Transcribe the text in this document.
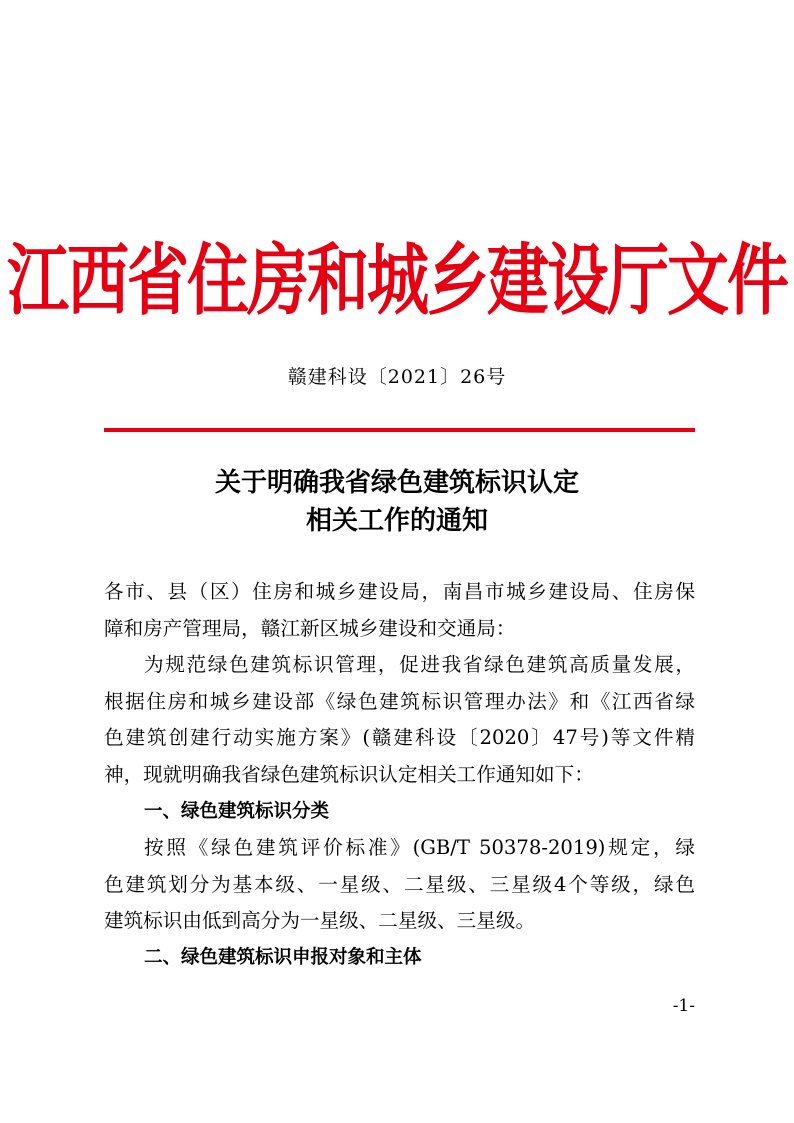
江西省住房和城乡建设厅文件
赣建科设〔2021〕26号
关于明确我省绿色建筑标识认定
相关工作的通知

各市、县（区）住房和城乡建设局，南昌市城乡建设局、住房保
障和房产管理局，赣江新区城乡建设和交通局：

为规范绿色建筑标识管理，促进我省绿色建筑高质量发展，
根据住房和城乡建设部《绿色建筑标识管理办法》和《江西省绿
色建筑创建行动实施方案》(赣建科设〔2020〕47号)等文件精
神，现就明确我省绿色建筑标识认定相关工作通知如下：

一、绿色建筑标识分类

按照《绿色建筑评价标准》(GB/T 50378-2019)规定，绿
色建筑划分为基本级、一星级、二星级、三星级4个等级，绿色
建筑标识由低到高分为一星级、二星级、三星级。

二、绿色建筑标识申报对象和主体

-1-
